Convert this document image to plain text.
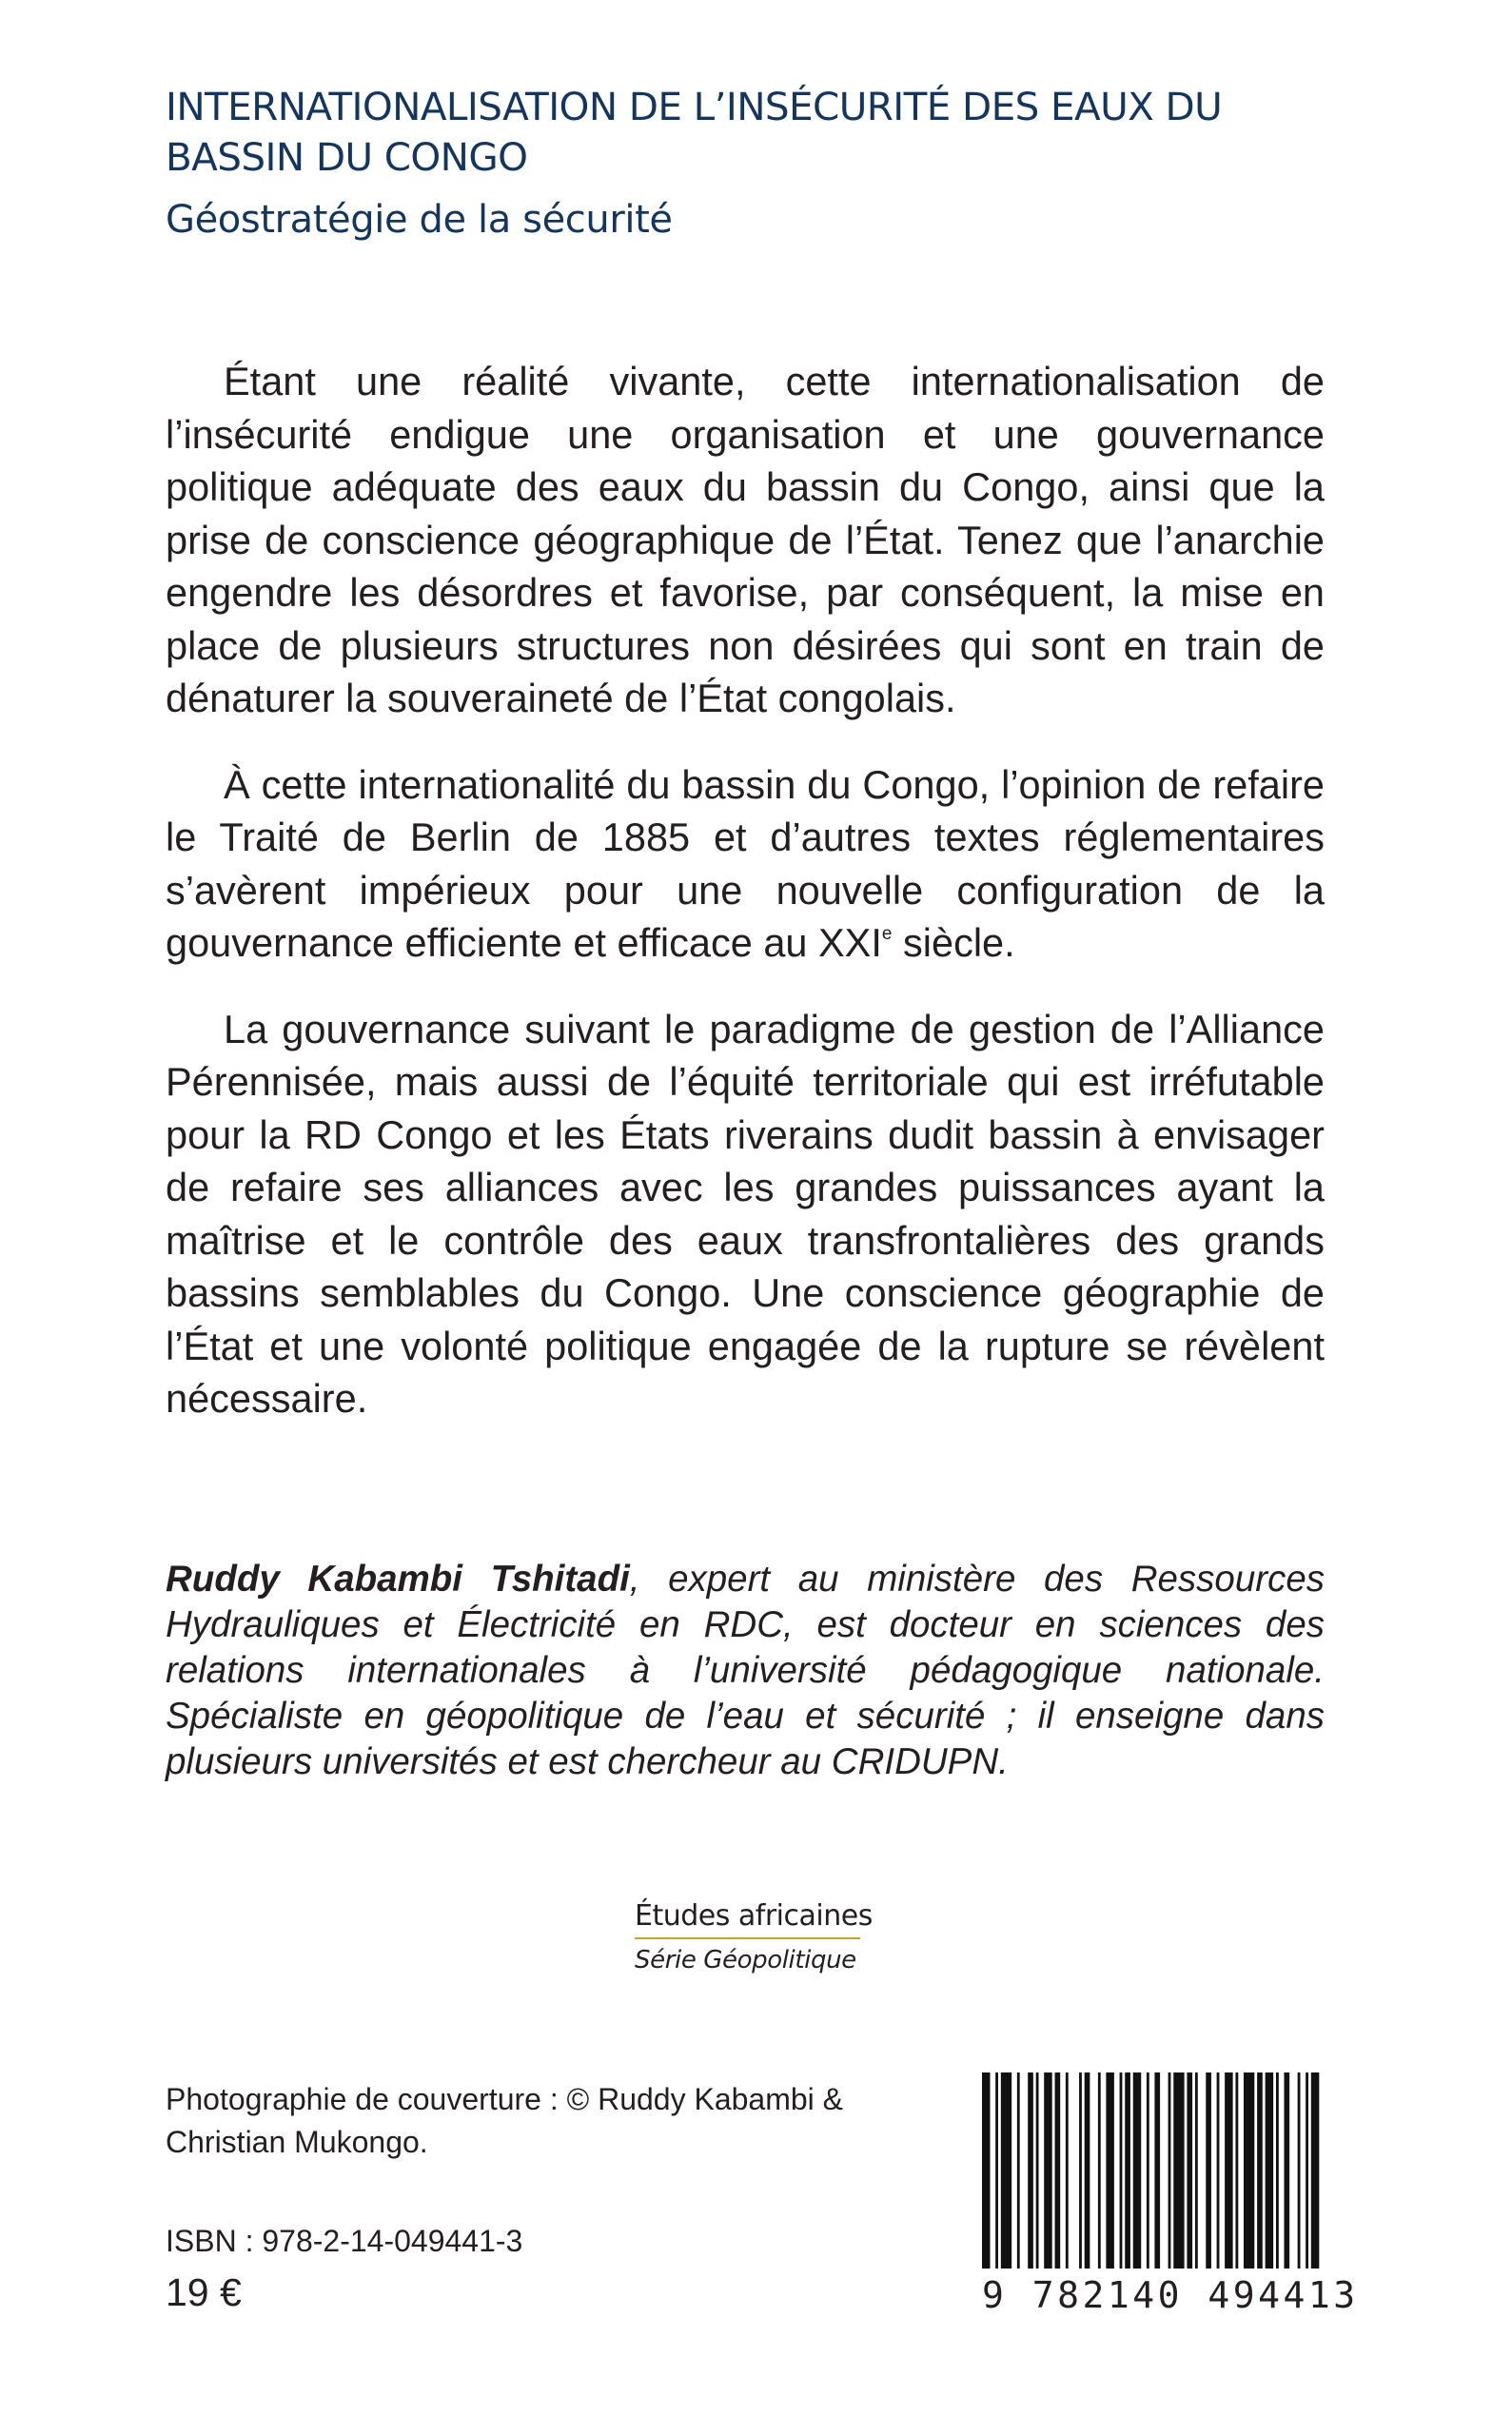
INTERNATIONALISATION DE L’INSÉCURITÉ DES EAUX DU BASSIN DU CONGO
Géostratégie de la sécurité

Étant une réalité vivante, cette internationalisation de l’insécurité endigue une organisation et une gouvernance politique adéquate des eaux du bassin du Congo, ainsi que la prise de conscience géographique de l’État. Tenez que l’anarchie engendre les désordres et favorise, par conséquent, la mise en place de plusieurs structures non désirées qui sont en train de dénaturer la souveraineté de l’État congolais.

À cette internationalité du bassin du Congo, l’opinion de refaire le Traité de Berlin de 1885 et d’autres textes réglementaires s’avèrent impérieux pour une nouvelle configuration de la gouvernance efficiente et efficace au XXIe siècle.

La gouvernance suivant le paradigme de gestion de l’Alliance Pérennisée, mais aussi de l’équité territoriale qui est irréfutable pour la RD Congo et les États riverains dudit bassin à envisager de refaire ses alliances avec les grandes puissances ayant la maîtrise et le contrôle des eaux transfrontalières des grands bassins semblables du Congo. Une conscience géographie de l’État et une volonté politique engagée de la rupture se révèlent nécessaire.

Ruddy Kabambi Tshitadi, expert au ministère des Ressources Hydrauliques et Électricité en RDC, est docteur en sciences des relations internationales à l’université pédagogique nationale. Spécialiste en géopolitique de l’eau et sécurité ; il enseigne dans plusieurs universités et est chercheur au CRIDUPN.

Études africaines
Série Géopolitique

Photographie de couverture : © Ruddy Kabambi & Christian Mukongo.

ISBN : 978-2-14-049441-3

19 €	9 782140 494413
